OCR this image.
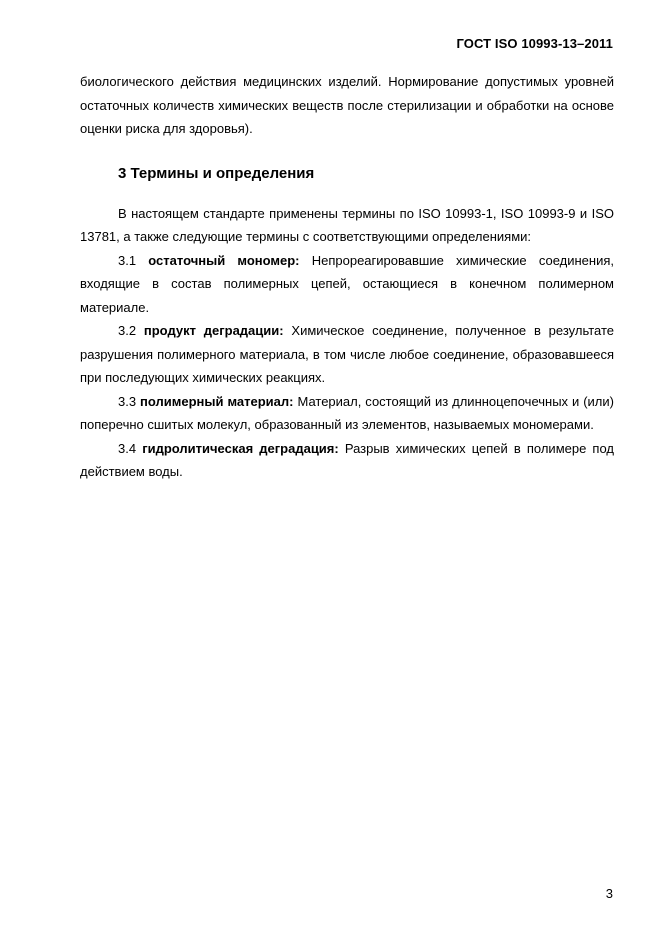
ГОСТ ISO 10993-13–2011

биологического действия медицинских изделий. Нормирование допустимых уровней остаточных количеств химических веществ после стерилизации и обработки на основе оценки риска для здоровья).

3 Термины и определения

В настоящем стандарте применены термины по ISO 10993-1, ISO 10993-9 и ISO 13781, а также следующие термины с соответствующими определениями:

3.1 остаточный мономер: Непрореагировавшие химические соединения, входящие в состав полимерных цепей, остающиеся в конечном полимерном материале.

3.2 продукт деградации: Химическое соединение, полученное в результате разрушения полимерного материала, в том числе любое соединение, образовавшееся при последующих химических реакциях.

3.3 полимерный материал: Материал, состоящий из длинноцепочечных и (или) поперечно сшитых молекул, образованный из элементов, называемых мономерами.

3.4 гидролитическая деградация: Разрыв химических цепей в полимере под действием воды.

3
